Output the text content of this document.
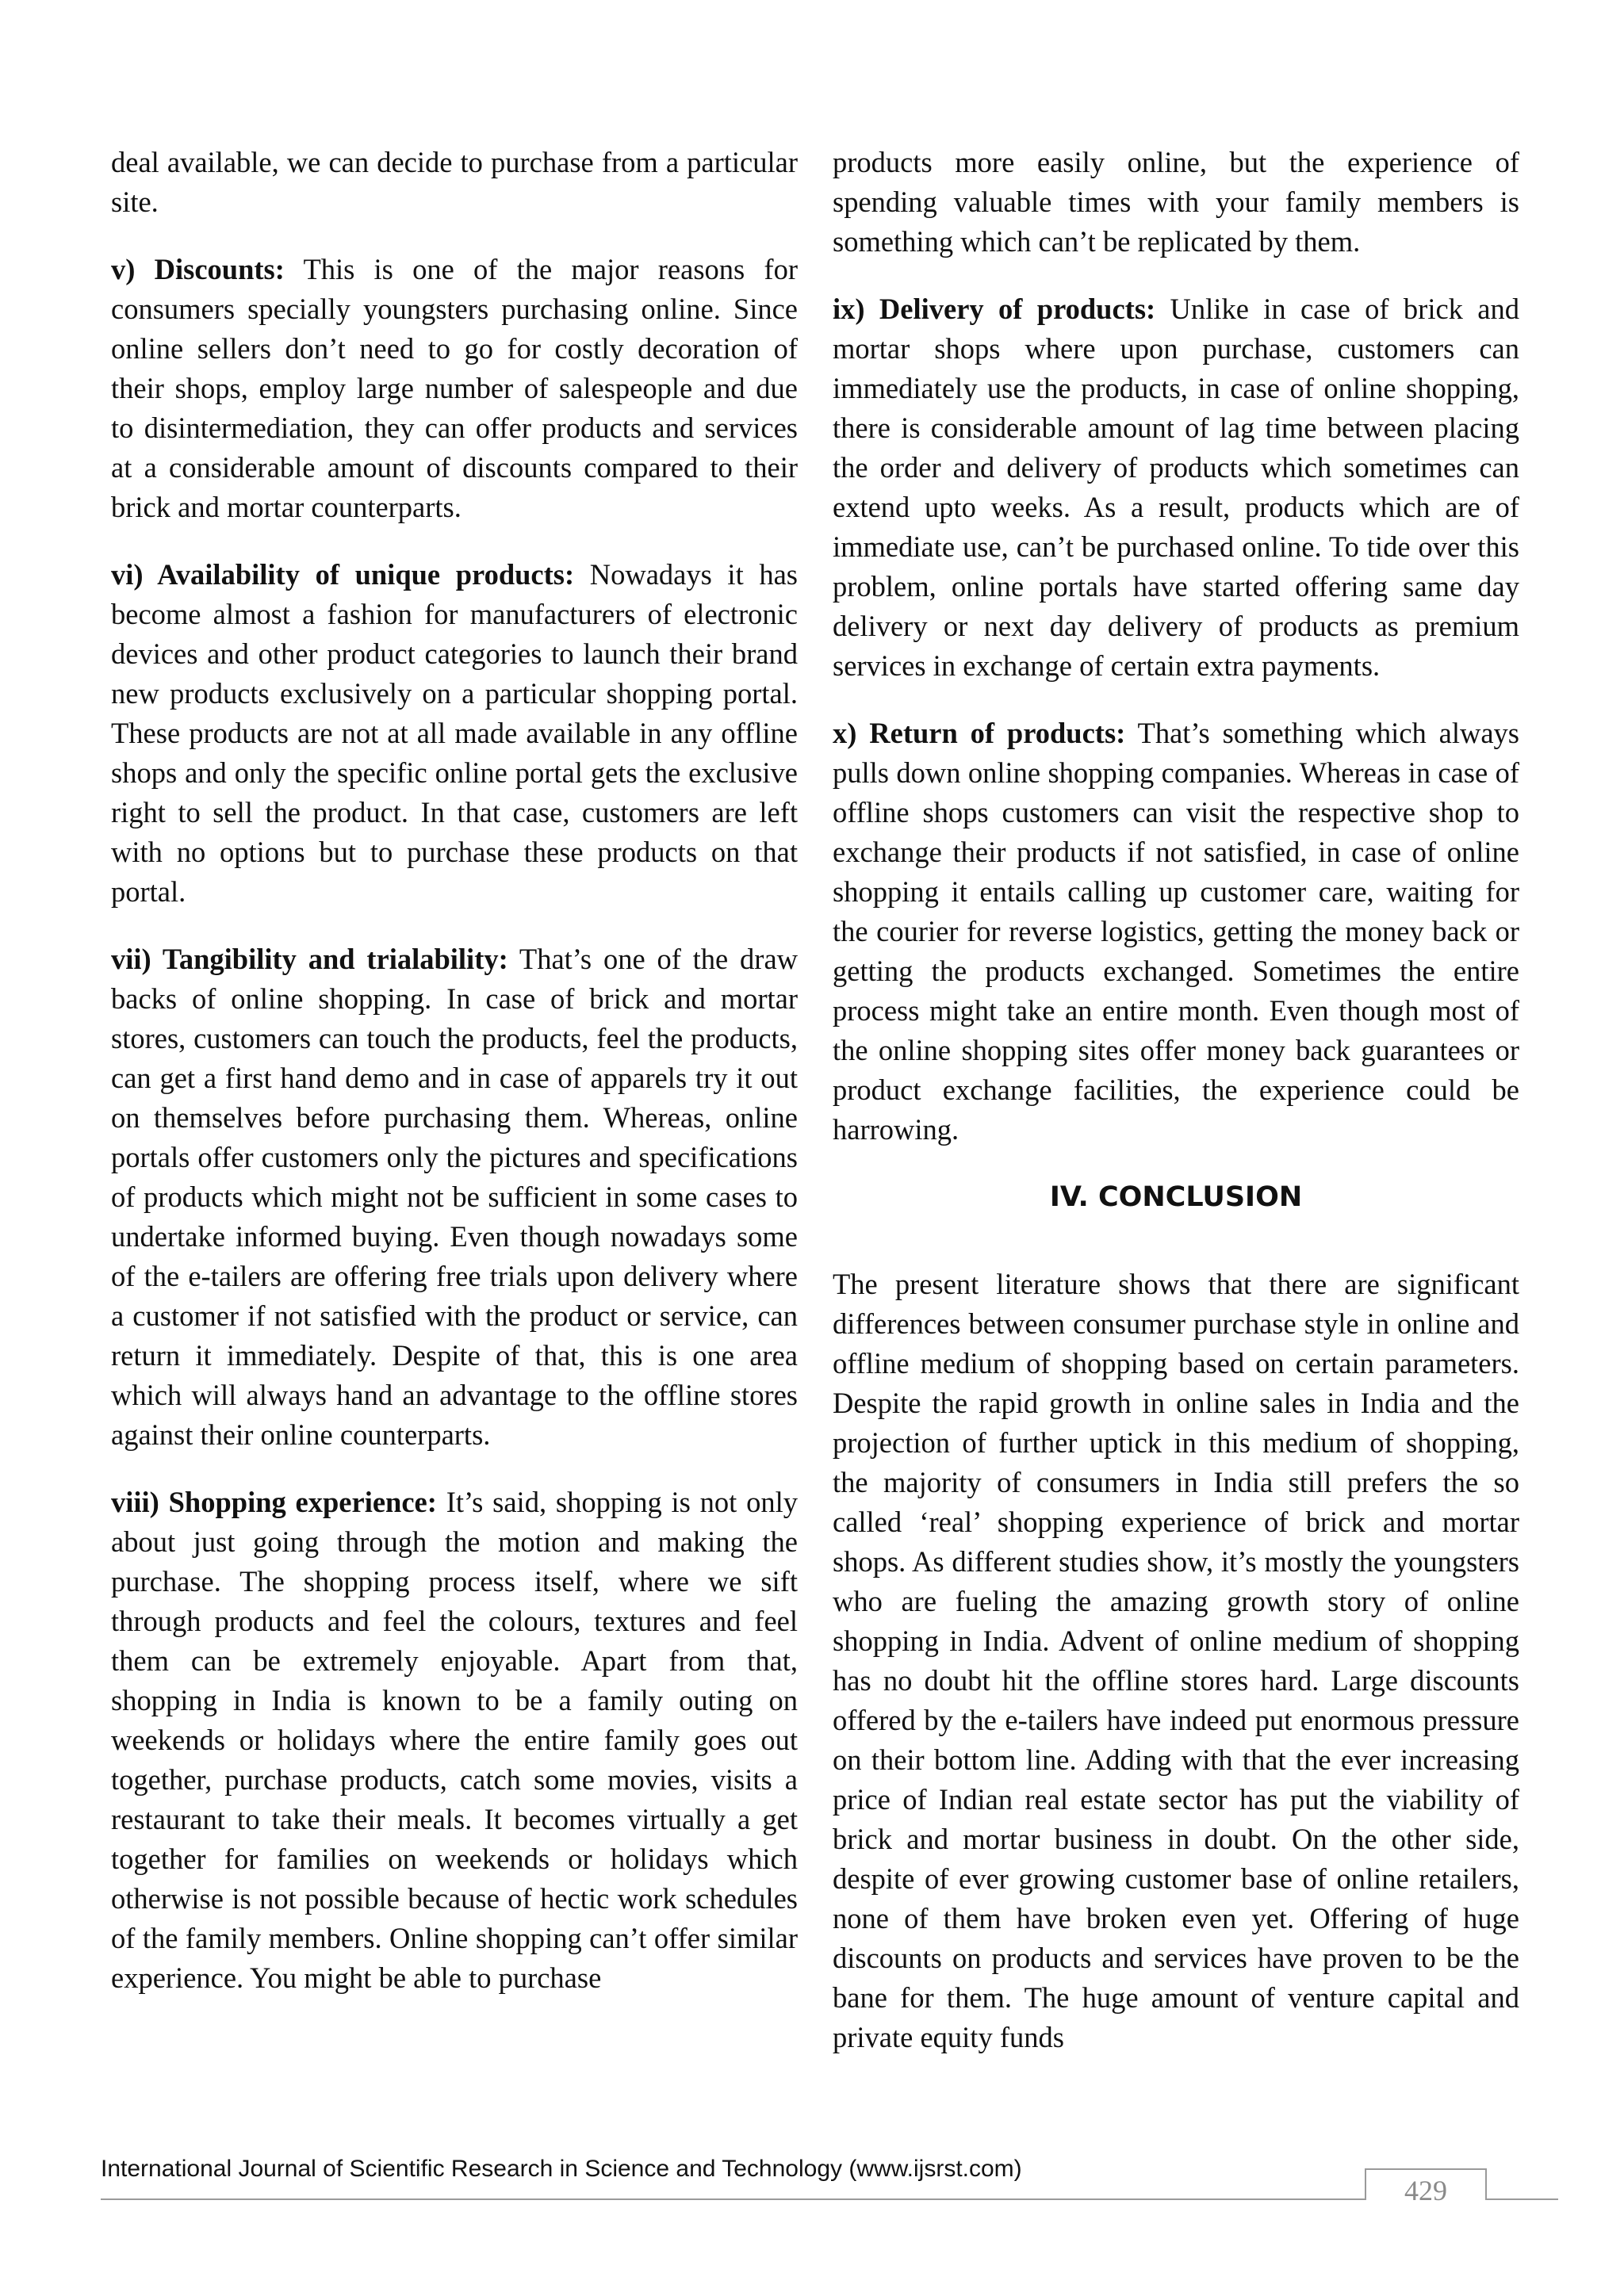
deal available, we can decide to purchase from a particular site.

v) Discounts: This is one of the major reasons for consumers specially youngsters purchasing online. Since online sellers don’t need to go for costly decoration of their shops, employ large number of salespeople and due to disintermediation, they can offer products and services at a considerable amount of discounts compared to their brick and mortar counterparts.

vi) Availability of unique products: Nowadays it has become almost a fashion for manufacturers of electronic devices and other product categories to launch their brand new products exclusively on a particular shopping portal. These products are not at all made available in any offline shops and only the specific online portal gets the exclusive right to sell the product. In that case, customers are left with no options but to purchase these products on that portal.

vii) Tangibility and trialability: That’s one of the draw backs of online shopping. In case of brick and mortar stores, customers can touch the products, feel the products, can get a first hand demo and in case of apparels try it out on themselves before purchasing them. Whereas, online portals offer customers only the pictures and specifications of products which might not be sufficient in some cases to undertake informed buying. Even though nowadays some of the e-tailers are offering free trials upon delivery where a customer if not satisfied with the product or service, can return it immediately. Despite of that, this is one area which will always hand an advantage to the offline stores against their online counterparts.

viii) Shopping experience: It’s said, shopping is not only about just going through the motion and making the purchase. The shopping process itself, where we sift through products and feel the colours, textures and feel them can be extremely enjoyable. Apart from that, shopping in India is known to be a family outing on weekends or holidays where the entire family goes out together, purchase products, catch some movies, visits a restaurant to take their meals. It becomes virtually a get together for families on weekends or holidays which otherwise is not possible because of hectic work schedules of the family members. Online shopping can’t offer similar experience. You might be able to purchase

products more easily online, but the experience of spending valuable times with your family members is something which can’t be replicated by them.

ix) Delivery of products: Unlike in case of brick and mortar shops where upon purchase, customers can immediately use the products, in case of online shopping, there is considerable amount of lag time between placing the order and delivery of products which sometimes can extend upto weeks. As a result, products which are of immediate use, can’t be purchased online. To tide over this problem, online portals have started offering same day delivery or next day delivery of products as premium services in exchange of certain extra payments.

x) Return of products: That’s something which always pulls down online shopping companies. Whereas in case of offline shops customers can visit the respective shop to exchange their products if not satisfied, in case of online shopping it entails calling up customer care, waiting for the courier for reverse logistics, getting the money back or getting the products exchanged. Sometimes the entire process might take an entire month. Even though most of the online shopping sites offer money back guarantees or product exchange facilities, the experience could be harrowing.

IV. CONCLUSION

The present literature shows that there are significant differences between consumer purchase style in online and offline medium of shopping based on certain parameters. Despite the rapid growth in online sales in India and the projection of further uptick in this medium of shopping, the majority of consumers in India still prefers the so called ‘real’ shopping experience of brick and mortar shops. As different studies show, it’s mostly the youngsters who are fueling the amazing growth story of online shopping in India. Advent of online medium of shopping has no doubt hit the offline stores hard. Large discounts offered by the e-tailers have indeed put enormous pressure on their bottom line. Adding with that the ever increasing price of Indian real estate sector has put the viability of brick and mortar business in doubt. On the other side, despite of ever growing customer base of online retailers, none of them have broken even yet. Offering of huge discounts on products and services have proven to be the bane for them. The huge amount of venture capital and private equity funds

International Journal of Scientific Research in Science and Technology (www.ijsrst.com)
429
